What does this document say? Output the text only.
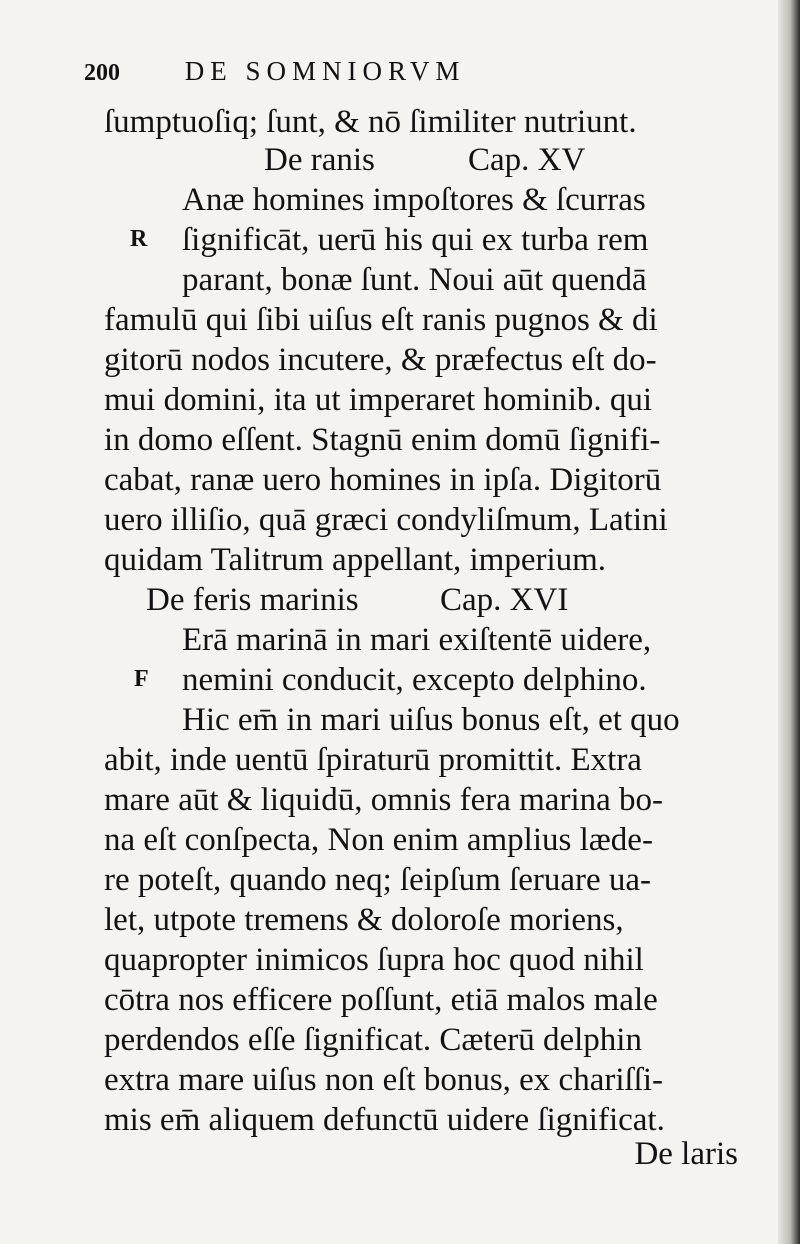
200 DE SOMNIORVM
ſumptuoſiq; ſunt, & nō ſimiliter nutriunt.
De ranis	Cap. XV
Anæ homines impoſtores & ſcurras
R ſignificāt, uerū his qui ex turba rem
parant, bonæ ſunt. Noui aūt quendā
famulū qui ſibi uiſus eſt ranis pugnos & di
gitorū nodos incutere, & præfectus eſt do-
mui domini, ita ut imperaret hominib. qui
in domo eſſent. Stagnū enim domū ſignifi-
cabat, ranæ uero homines in ipſa. Digitorū
uero illiſio, quā græci condyliſmum, Latini
quidam Talitrum appellant, imperium.
De feris marinis Cap. XVI
Erā marinā in mari exiſtentē uidere,
F nemini conducit, excepto delphino.
Hic em̄ in mari uiſus bonus eſt, et quo
abit, inde uentū ſpiraturū promittit. Extra
mare aūt & liquidū, omnis fera marina bo-
na eſt conſpecta, Non enim amplius læde-
re poteſt, quando neq; ſeipſum ſeruare ua-
let, utpote tremens & doloroſe moriens,
quapropter inimicos ſupra hoc quod nihil
cōtra nos efficere poſſunt, etiā malos male
perdendos eſſe ſignificat. Cæterū delphin
extra mare uiſus non eſt bonus, ex chariſſi-
mis em̄ aliquem defunctū uidere ſignificat.
De laris
